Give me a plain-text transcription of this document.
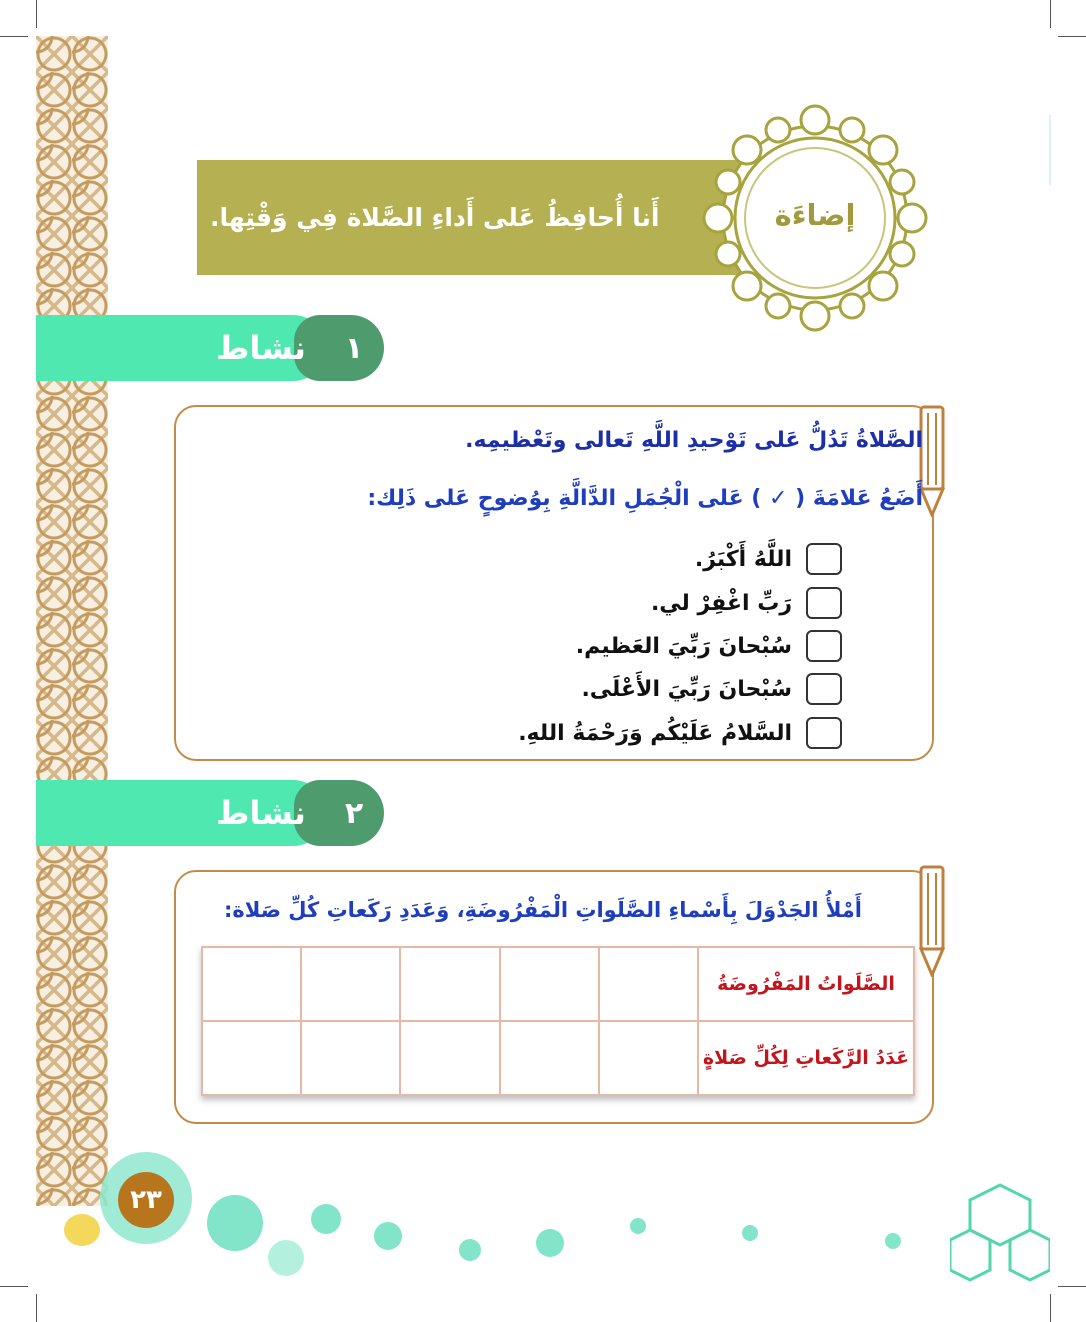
أَنا أُحافِظُ عَلى أَداءِ الصَّلاة فِي وَقْتِها.	إضاءَة
نشاط	١
الصَّلاةُ تَدُلُّ عَلى تَوْحيدِ اللَّهِ تَعالى وتَعْظيمِه.
أَضَعُ عَلامَةَ ( ✓ ) عَلى الْجُمَلِ الدَّالَّةِ بِوُضوحٍ عَلى ذَلِك:
اللَّهُ أَكْبَرُ.
رَبِّ اغْفِرْ لي.
سُبْحانَ رَبِّيَ العَظيم.
سُبْحانَ رَبِّيَ الأَعْلَى.
السَّلامُ عَلَيْكُم وَرَحْمَةُ اللهِ.
نشاط	٢
أَمْلأُ الجَدْوَلَ بِأَسْماءِ الصَّلَواتِ الْمَفْرُوضَةِ، وَعَدَدِ رَكَعاتِ كُلِّ صَلاة:
					الصَّلَواتُ المَفْرُوضَةُ
					عَدَدُ الرَّكَعاتِ لِكُلِّ صَلاةٍ
٢٣
